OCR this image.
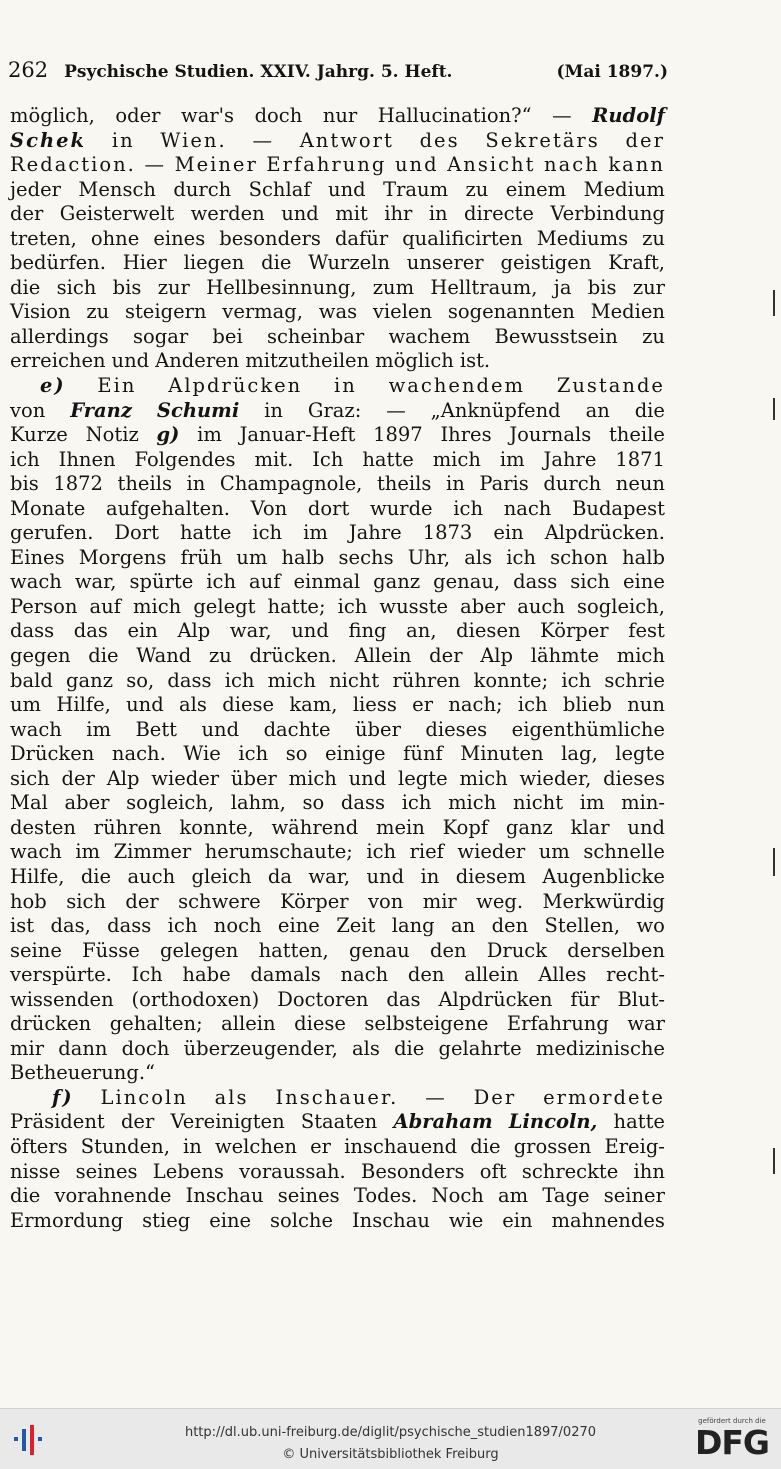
262 Psychische Studien. XXIV. Jahrg. 5. Heft.	(Mai 1897.)
möglich, oder war's doch nur Hallucination?“ — Rudolf
Schek in Wien. — Antwort des Sekretärs der
Redaction. — Meiner Erfahrung und Ansicht nach kann
jeder Mensch durch Schlaf und Traum zu einem Medium
der Geisterwelt werden und mit ihr in directe Verbindung
treten, ohne eines besonders dafür qualificirten Mediums zu
bedürfen. Hier liegen die Wurzeln unserer geistigen Kraft,
die sich bis zur Hellbesinnung, zum Helltraum, ja bis zur
Vision zu steigern vermag, was vielen sogenannten Medien
allerdings sogar bei scheinbar wachem Bewusstsein zu
erreichen und Anderen mitzutheilen möglich ist.
e) Ein Alpdrücken in wachendem Zustande
von Franz Schumi in Graz: — „Anknüpfend an die
Kurze Notiz g) im Januar-Heft 1897 Ihres Journals theile
ich Ihnen Folgendes mit. Ich hatte mich im Jahre 1871
bis 1872 theils in Champagnole, theils in Paris durch neun
Monate aufgehalten. Von dort wurde ich nach Budapest
gerufen. Dort hatte ich im Jahre 1873 ein Alpdrücken.
Eines Morgens früh um halb sechs Uhr, als ich schon halb
wach war, spürte ich auf einmal ganz genau, dass sich eine
Person auf mich gelegt hatte; ich wusste aber auch sogleich,
dass das ein Alp war, und fing an, diesen Körper fest
gegen die Wand zu drücken. Allein der Alp lähmte mich
bald ganz so, dass ich mich nicht rühren konnte; ich schrie
um Hilfe, und als diese kam, liess er nach; ich blieb nun
wach im Bett und dachte über dieses eigenthümliche
Drücken nach. Wie ich so einige fünf Minuten lag, legte
sich der Alp wieder über mich und legte mich wieder, dieses
Mal aber sogleich, lahm, so dass ich mich nicht im min-
desten rühren konnte, während mein Kopf ganz klar und
wach im Zimmer herumschaute; ich rief wieder um schnelle
Hilfe, die auch gleich da war, und in diesem Augenblicke
hob sich der schwere Körper von mir weg. Merkwürdig
ist das, dass ich noch eine Zeit lang an den Stellen, wo
seine Füsse gelegen hatten, genau den Druck derselben
verspürte. Ich habe damals nach den allein Alles recht-
wissenden (orthodoxen) Doctoren das Alpdrücken für Blut-
drücken gehalten; allein diese selbsteigene Erfahrung war
mir dann doch überzeugender, als die gelahrte medizinische
Betheuerung.“
f) Lincoln als Inschauer. — Der ermordete
Präsident der Vereinigten Staaten Abraham Lincoln, hatte
öfters Stunden, in welchen er inschauend die grossen Ereig-
nisse seines Lebens voraussah. Besonders oft schreckte ihn
die vorahnende Inschau seines Todes. Noch am Tage seiner
Ermordung stieg eine solche Inschau wie ein mahnendes
http://dl.ub.uni-freiburg.de/diglit/psychische_studien1897/0270
© Universitätsbibliothek Freiburg
gefördert durch die
DFG
